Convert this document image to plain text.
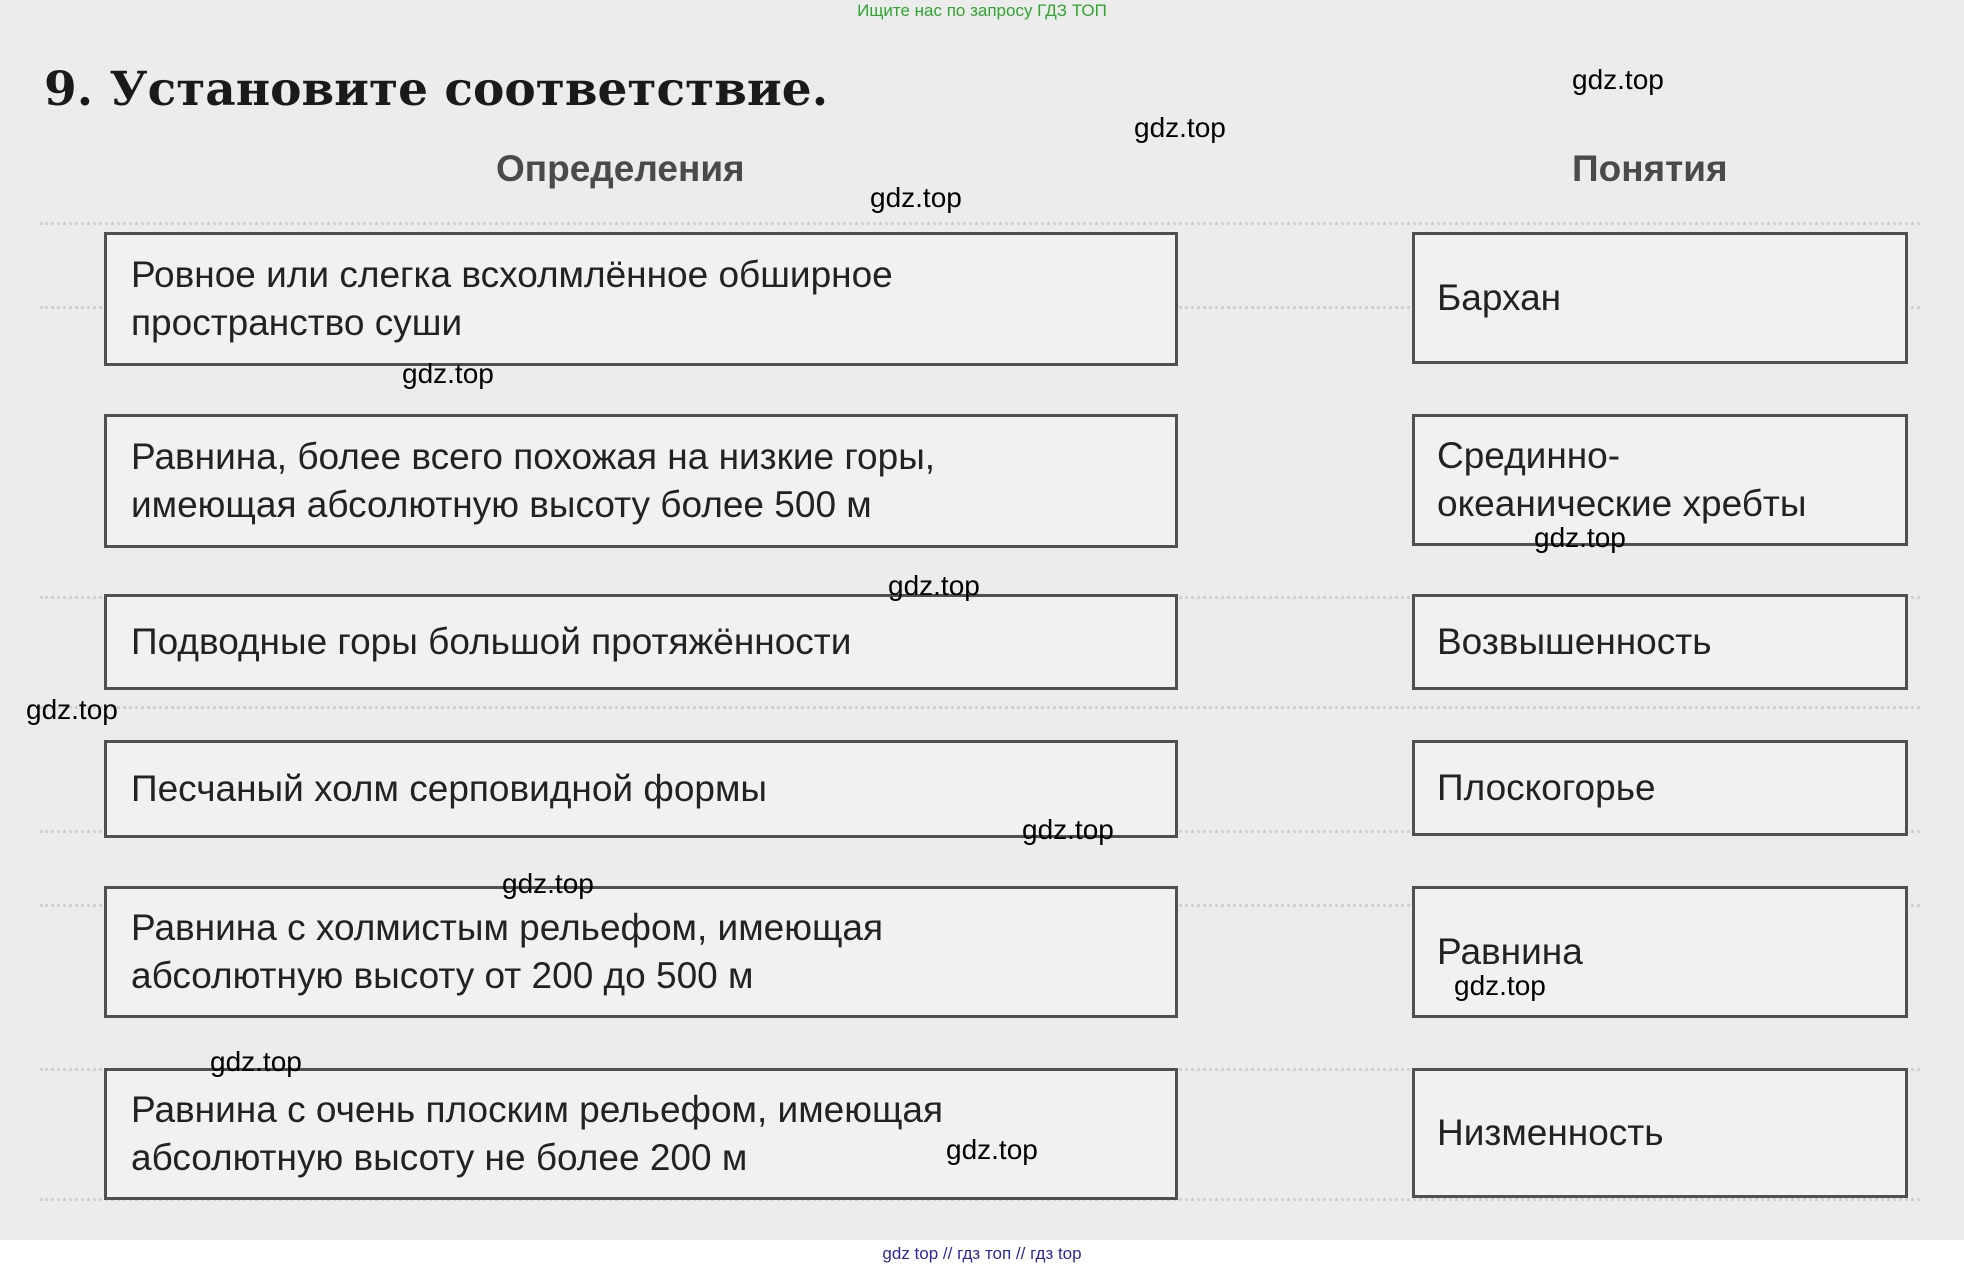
9. Установите соответствие.
Определения	Понятия
Ровное или слегка всхолмлённое обширное
пространство суши
Равнина, более всего похожая на низкие горы,
имеющая абсолютную высоту более 500 м
Подводные горы большой протяжённости
Песчаный холм серповидной формы
Равнина с холмистым рельефом, имеющая
абсолютную высоту от 200 до 500 м
Равнина с очень плоским рельефом, имеющая
абсолютную высоту не более 200 м
Бархан
Срединно-
океанические хребты
Возвышенность
Плоскогорье
Равнина
Низменность
gdz.top
gdz.top
gdz.top
gdz.top
gdz.top
gdz.top
gdz.top
gdz.top
gdz.top
gdz.top
gdz.top
gdz.top
Ищите нас по запросу ГДЗ ТОП
gdz top // гдз топ // гдз top
